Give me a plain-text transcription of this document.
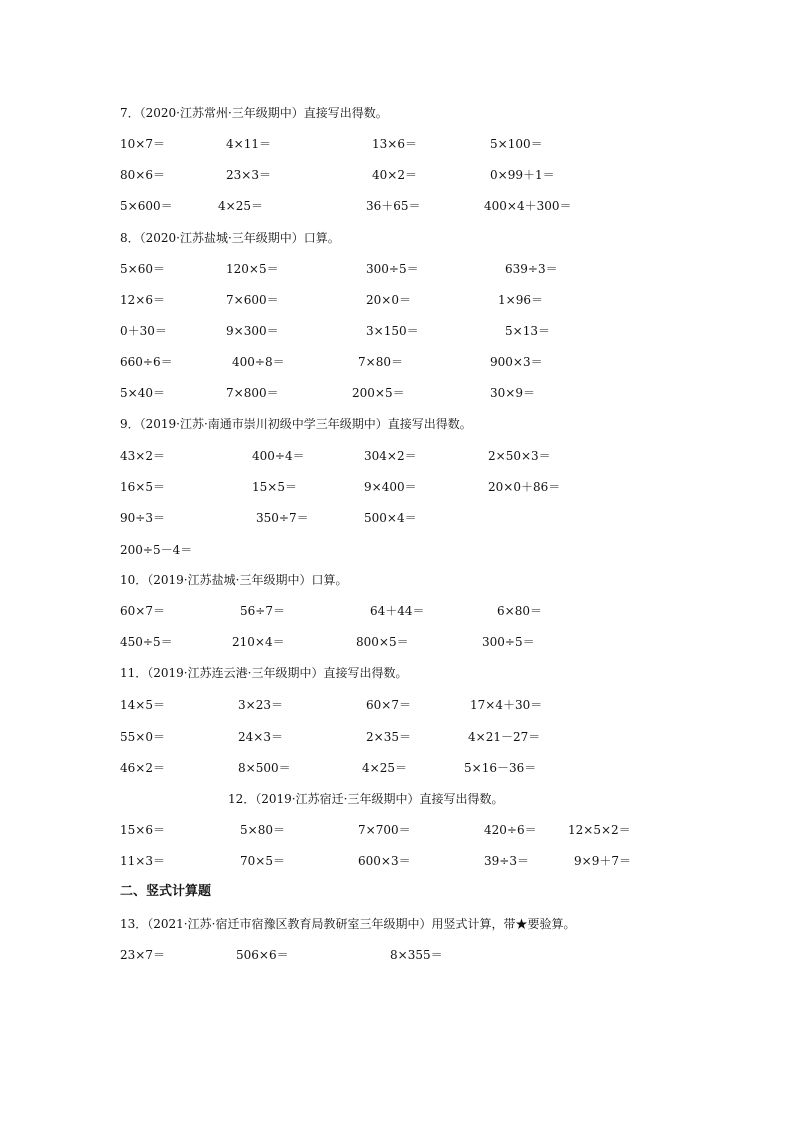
7．（2020·江苏常州·三年级期中）直接写出得数。
10×7＝	4×11＝	13×6＝	5×100＝
80×6＝	23×3＝	40×2＝	0×99＋1＝
5×600＝	4×25＝	36＋65＝	400×4＋300＝
8．（2020·江苏盐城·三年级期中）口算。
5×60＝	120×5＝	300÷5＝	639÷3＝
12×6＝	7×600＝	20×0＝	1×96＝
0＋30＝	9×300＝	3×150＝	5×13＝
660÷6＝	400÷8＝	7×80＝	900×3＝
5×40＝	7×800＝	200×5＝	30×9＝
9．（2019·江苏·南通市崇川初级中学三年级期中）直接写出得数。
43×2＝	400÷4＝	304×2＝	2×50×3＝
16×5＝	15×5＝	9×400＝	20×0＋86＝
90÷3＝	350÷7＝	500×4＝
200÷5－4＝
10．（2019·江苏盐城·三年级期中）口算。
60×7＝	56÷7＝	64＋44＝	6×80＝
450÷5＝	210×4＝	800×5＝	300÷5＝
11．（2019·江苏连云港·三年级期中）直接写出得数。
14×5＝	3×23＝	60×7＝	17×4＋30＝
55×0＝	24×3＝	2×35＝	4×21－27＝
46×2＝	8×500＝	4×25＝	5×16－36＝
12．（2019·江苏宿迁·三年级期中）直接写出得数。
15×6＝	5×80＝	7×700＝	420÷6＝	12×5×2＝
11×3＝	70×5＝	600×3＝	39÷3＝	9×9＋7＝
二、竖式计算题
13．（2021·江苏·宿迁市宿豫区教育局教研室三年级期中）用竖式计算，带★要验算。
23×7＝	506×6＝	8×355＝
